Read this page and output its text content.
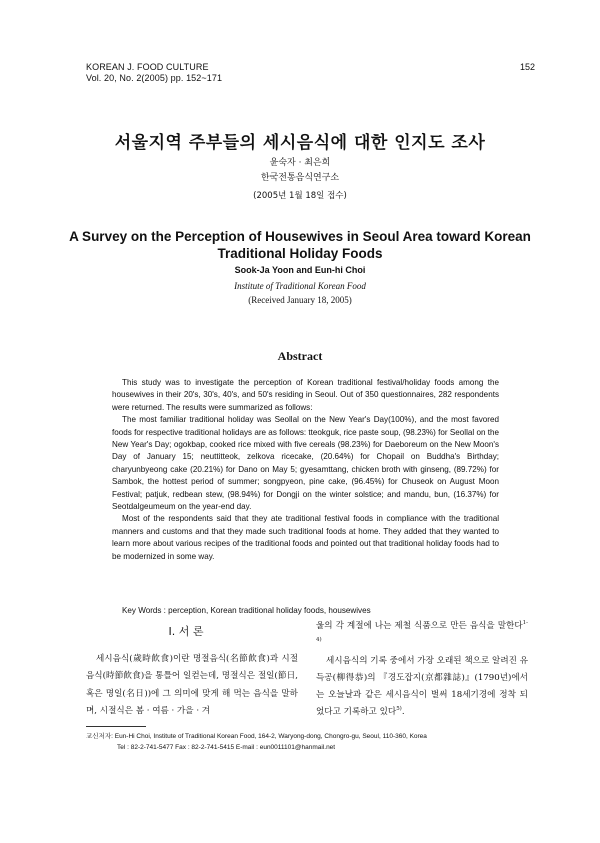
KOREAN J. FOOD CULTURE
Vol. 20, No. 2(2005) pp. 152~171
152
서울지역 주부들의 세시음식에 대한 인지도 조사
윤숙자 · 최은희
한국전통음식연구소
(2005년 1월 18일 접수)
A Survey on the Perception of Housewives in Seoul Area toward Korean
Traditional Holiday Foods
Sook-Ja Yoon and Eun-hi Choi
Institute of Traditional Korean Food
(Received January 18, 2005)
Abstract

This study was to investigate the perception of Korean traditional festival/holiday foods among the housewives in their 20's, 30's, 40's, and 50's residing in Seoul. Out of 350 questionnaires, 282 respondents were returned. The results were summarized as follows:

The most familiar traditional holiday was Seollal on the New Year's Day(100%), and the most favored foods for respective traditional holidays are as follows: tteokguk, rice paste soup, (98.23%) for Seollal on the New Year's Day; ogokbap, cooked rice mixed with five cereals (98.23%) for Daeboreum on the New Moon's Day of January 15; neuttitteok, zelkova ricecake, (20.64%) for Chopail on Buddha's Birthday; charyunbyeong cake (20.21%) for Dano on May 5; gyesamttang, chicken broth with ginseng, (89.72%) for Sambok, the hottest period of summer; songpyeon, pine cake, (96.45%) for Chuseok on August Moon Festival; patjuk, redbean stew, (98.94%) for Dongji on the winter solstice; and mandu, bun, (16.37%) for Seotdalgeumeum on the year-end day.

Most of the respondents said that they ate traditional festival foods in compliance with the traditional manners and customs and that they made such traditional foods at home. They added that they wanted to learn more about various recipes of the traditional foods and pointed out that traditional holiday foods had to be modernized in some way.

Key Words : perception, Korean traditional holiday foods, housewives
I. 서 론

세시음식(歲時飮食)이란 명절음식(名節飮食)과 시절음식(時節飮食)을 통틀어 일컫는데, 명절식은 절일(節日, 혹은 명일(名日))에 그 의미에 맞게 해 먹는 음식을 말하며, 시절식은 봄 · 여름 · 가을 · 겨

울의 각 계절에 나는 제철 식품으로 만든 음식을 말한다$^{1-4)}$

세시음식의 기록 중에서 가장 오래된 책으로 알려진 유득공(柳得恭)의 『경도잡지(京都雜誌)』(1790년)에서는 오늘날과 같은 세시음식이 벌써 18세기경에 정착 되었다고 기록하고 있다$^{5)}$.

교신저자: Eun-Hi Choi, Institute of Traditional Korean Food, 164-2, Waryong-dong, Chongro-gu, Seoul, 110-360, Korea
Tel : 82-2-741-5477 Fax : 82-2-741-5415 E-mail : eun0011101@hanmail.net
